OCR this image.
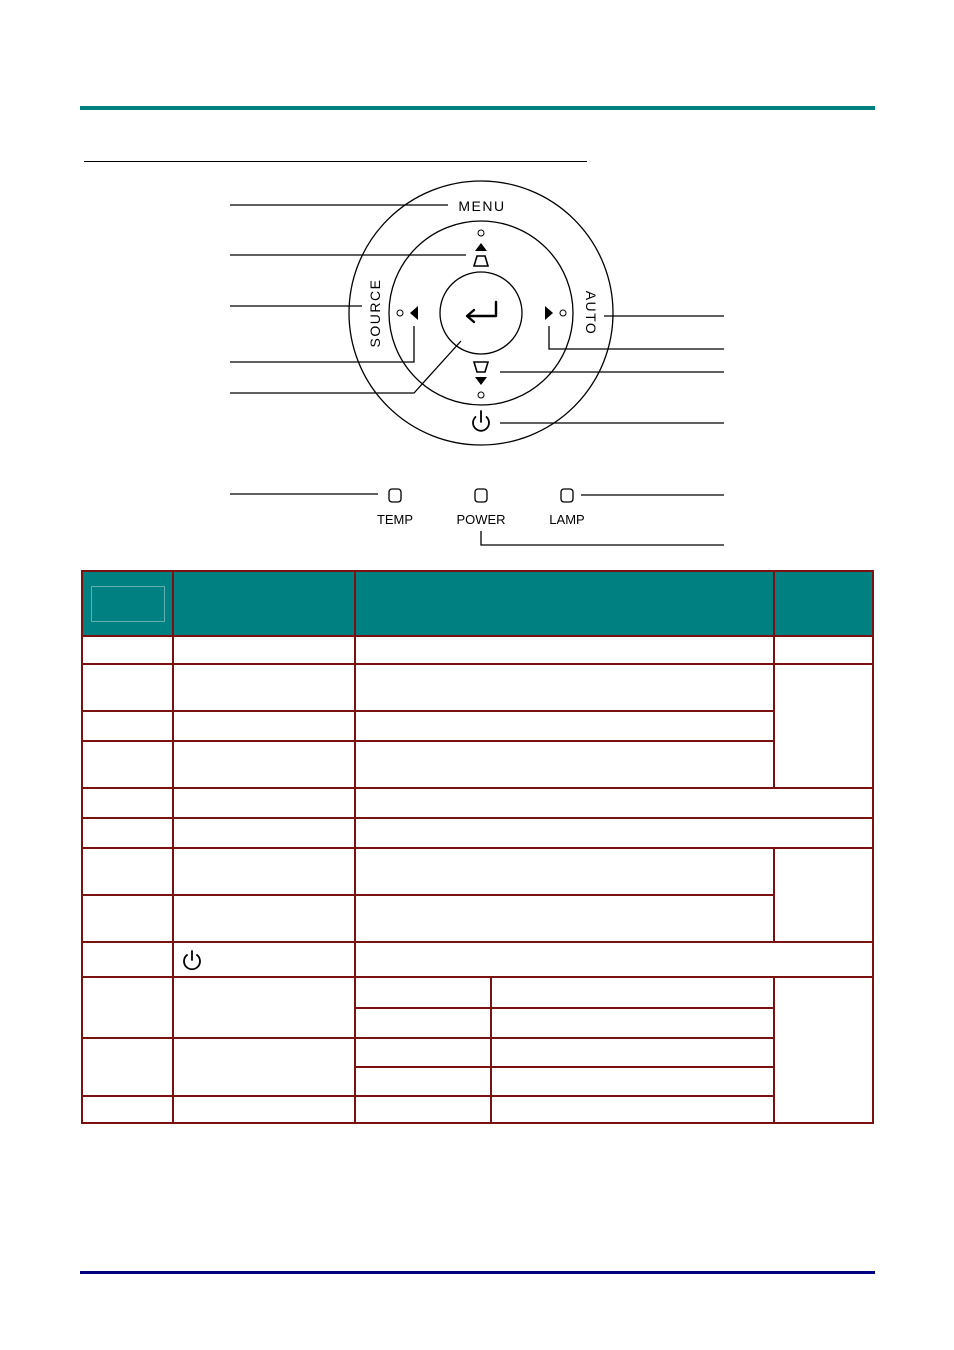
MENU
SOURCE	AUTO
TEMP	POWER	LAMP
